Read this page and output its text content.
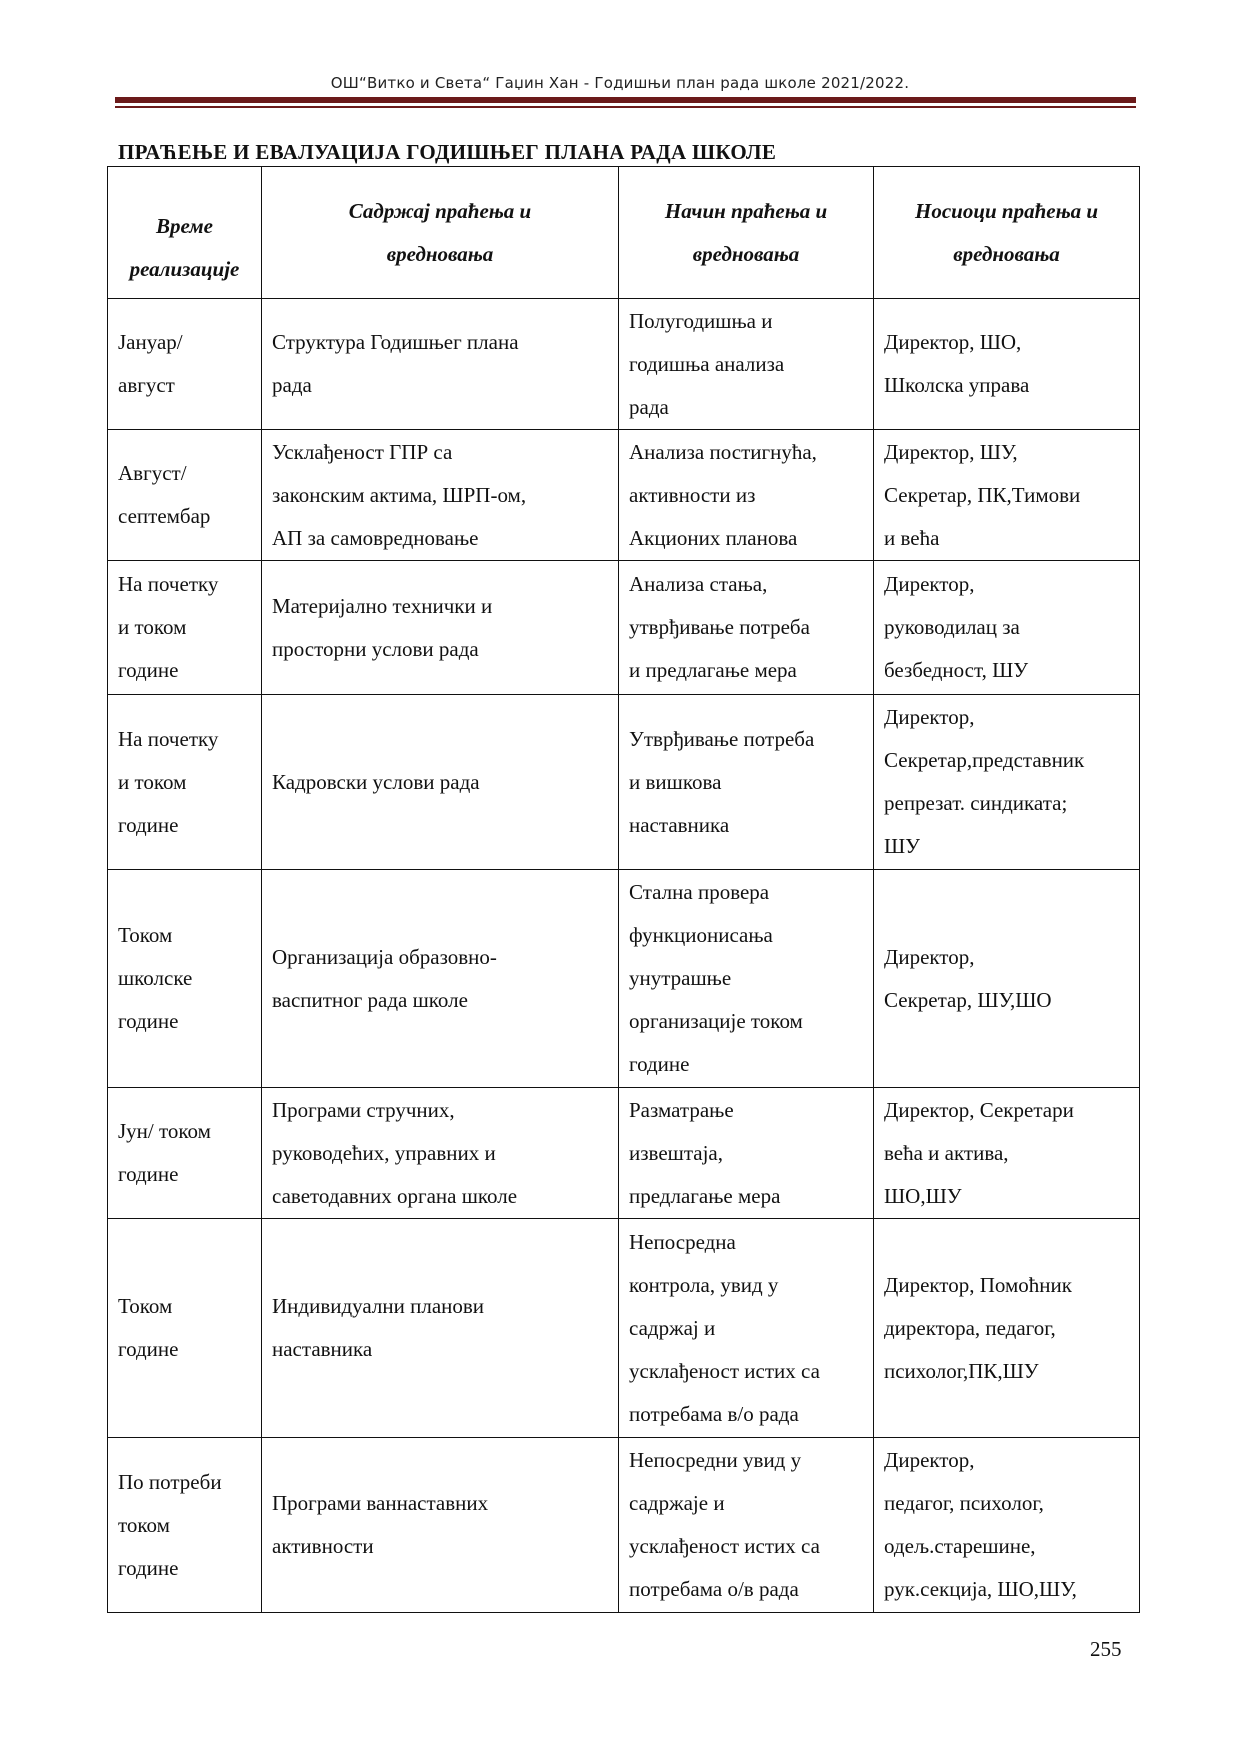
ОШ“Витко и Света“ Гаџин Хан - Годишњи план рада школе 2021/2022.
ПРАЋЕЊЕ И ЕВАЛУАЦИЈА ГОДИШЊЕГ ПЛАНА РАДА ШКОЛЕ
Време
реализације	Садржај праћења и
вредновања	Начин праћења и
вредновања	Носиоци праћења и
вредновања

Јануар/
август	Структура Годишњег плана
рада	Полугодишња и
годишња анализа
рада	Директор, ШО,
Школска управа

Август/
септембар	Усклађеност ГПР са
законским актима, ШРП-ом,
АП за самовредновање	Анализа постигнућа,
активности из
Акционих планова	Директор, ШУ,
Секретар, ПК,Тимови
и већа

На почетку
и током
године	Материјално технички и
просторни услови рада	Анализа стања,
утврђивање потреба
и предлагање мера	Директор,
руководилац за
безбедност, ШУ

На почетку
и током
године	Кадровски услови рада	Утврђивање потреба
и вишкова
наставника	Директор,
Секретар,представник
репрезат. синдиката;
ШУ

Током
школске
године	Организација образовно-
васпитног рада школе	Стална провера
функционисања
унутрашње
организације током
године	Директор,
Секретар, ШУ,ШО

Јун/ током
године	Програми стручних,
руководећих, управних и
саветодавних органа школе	Разматрање
извештаја,
предлагање мера	Директор, Секретари
већа и актива,
ШО,ШУ

Током
године	Индивидуални планови
наставника	Непосредна
контрола, увид у
садржај и
усклађеност истих са
потребама в/о рада	Директор, Помоћник
директора, педагог,
психолог,ПК,ШУ

По потреби
током
године	Програми ваннаставних
активности	Непосредни увид у
садржаје и
усклађеност истих са
потребама о/в рада	Директор,
педагог, психолог,
одељ.старешине,
рук.секција, ШО,ШУ,
255
